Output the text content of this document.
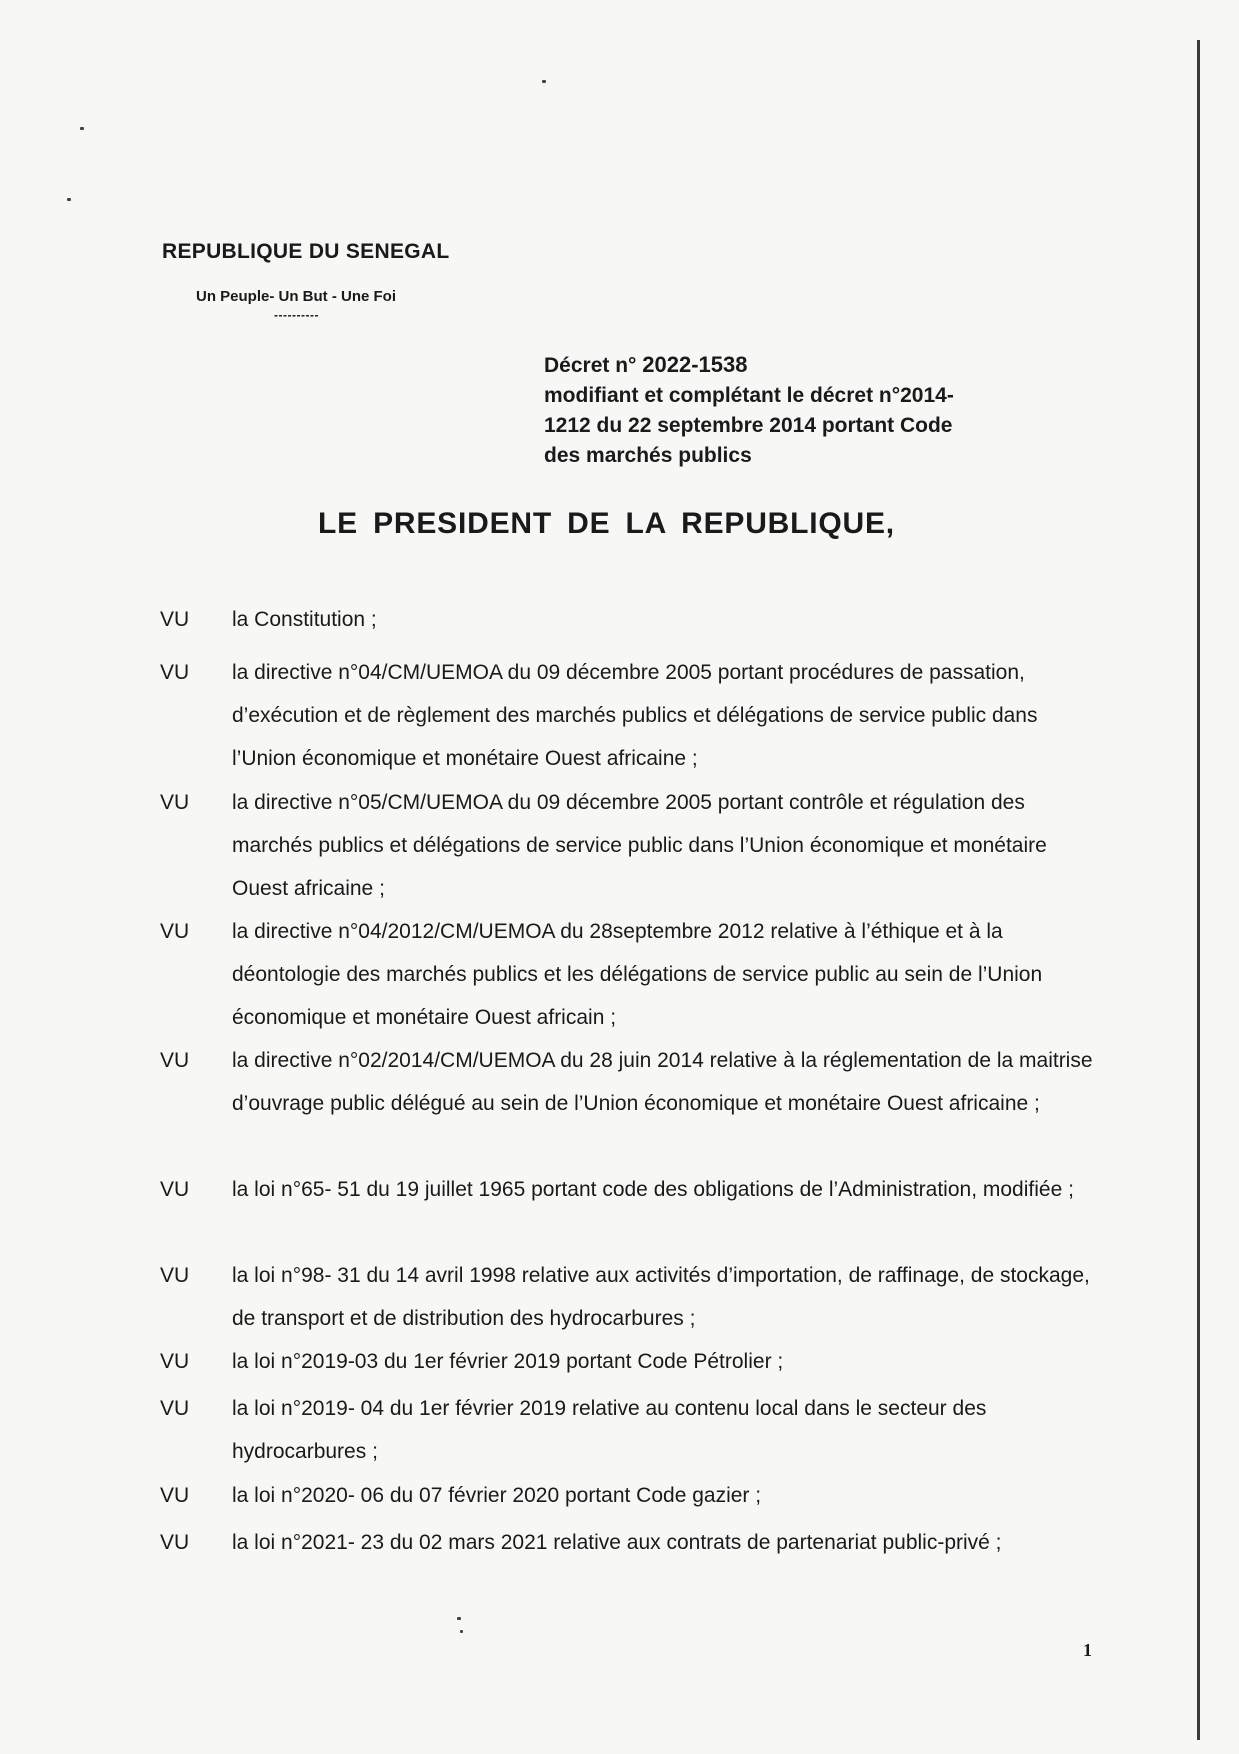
REPUBLIQUE DU SENEGAL
Un Peuple- Un But - Une Foi
----------
Décret n° 2022-1538
modifiant et complétant le décret n°2014-
1212 du 22 septembre 2014 portant Code
des marchés publics
LE PRESIDENT DE LA REPUBLIQUE,
VU	la Constitution ;

VU	la directive n°04/CM/UEMOA du 09 décembre 2005 portant procédures de passation, d’exécution et de règlement des marchés publics et délégations de service public dans l’Union économique et monétaire Ouest africaine ;

VU	la directive n°05/CM/UEMOA du 09 décembre 2005 portant contrôle et régulation des marchés publics et délégations de service public dans l’Union économique et monétaire Ouest africaine ;

VU	la directive n°04/2012/CM/UEMOA du 28septembre 2012 relative à l’éthique et à la déontologie des marchés publics et les délégations de service public au sein de l’Union économique et monétaire Ouest africain ;

VU	la directive n°02/2014/CM/UEMOA du 28 juin 2014 relative à la réglementation de la maitrise d’ouvrage public délégué au sein de l’Union économique et monétaire Ouest africaine ;

VU	la loi n°65- 51 du 19 juillet 1965 portant code des obligations de l’Administration, modifiée ;

VU	la loi n°98- 31 du 14 avril 1998 relative aux activités d’importation, de raffinage, de stockage, de transport et de distribution des hydrocarbures ;

VU	la loi n°2019-03 du 1er février 2019 portant Code Pétrolier ;

VU	la loi n°2019- 04 du 1er février 2019 relative au contenu local dans le secteur des hydrocarbures ;

VU	la loi n°2020- 06 du 07 février 2020 portant Code gazier ;

VU	la loi n°2021- 23 du 02 mars 2021 relative aux contrats de partenariat public-privé ;

1
